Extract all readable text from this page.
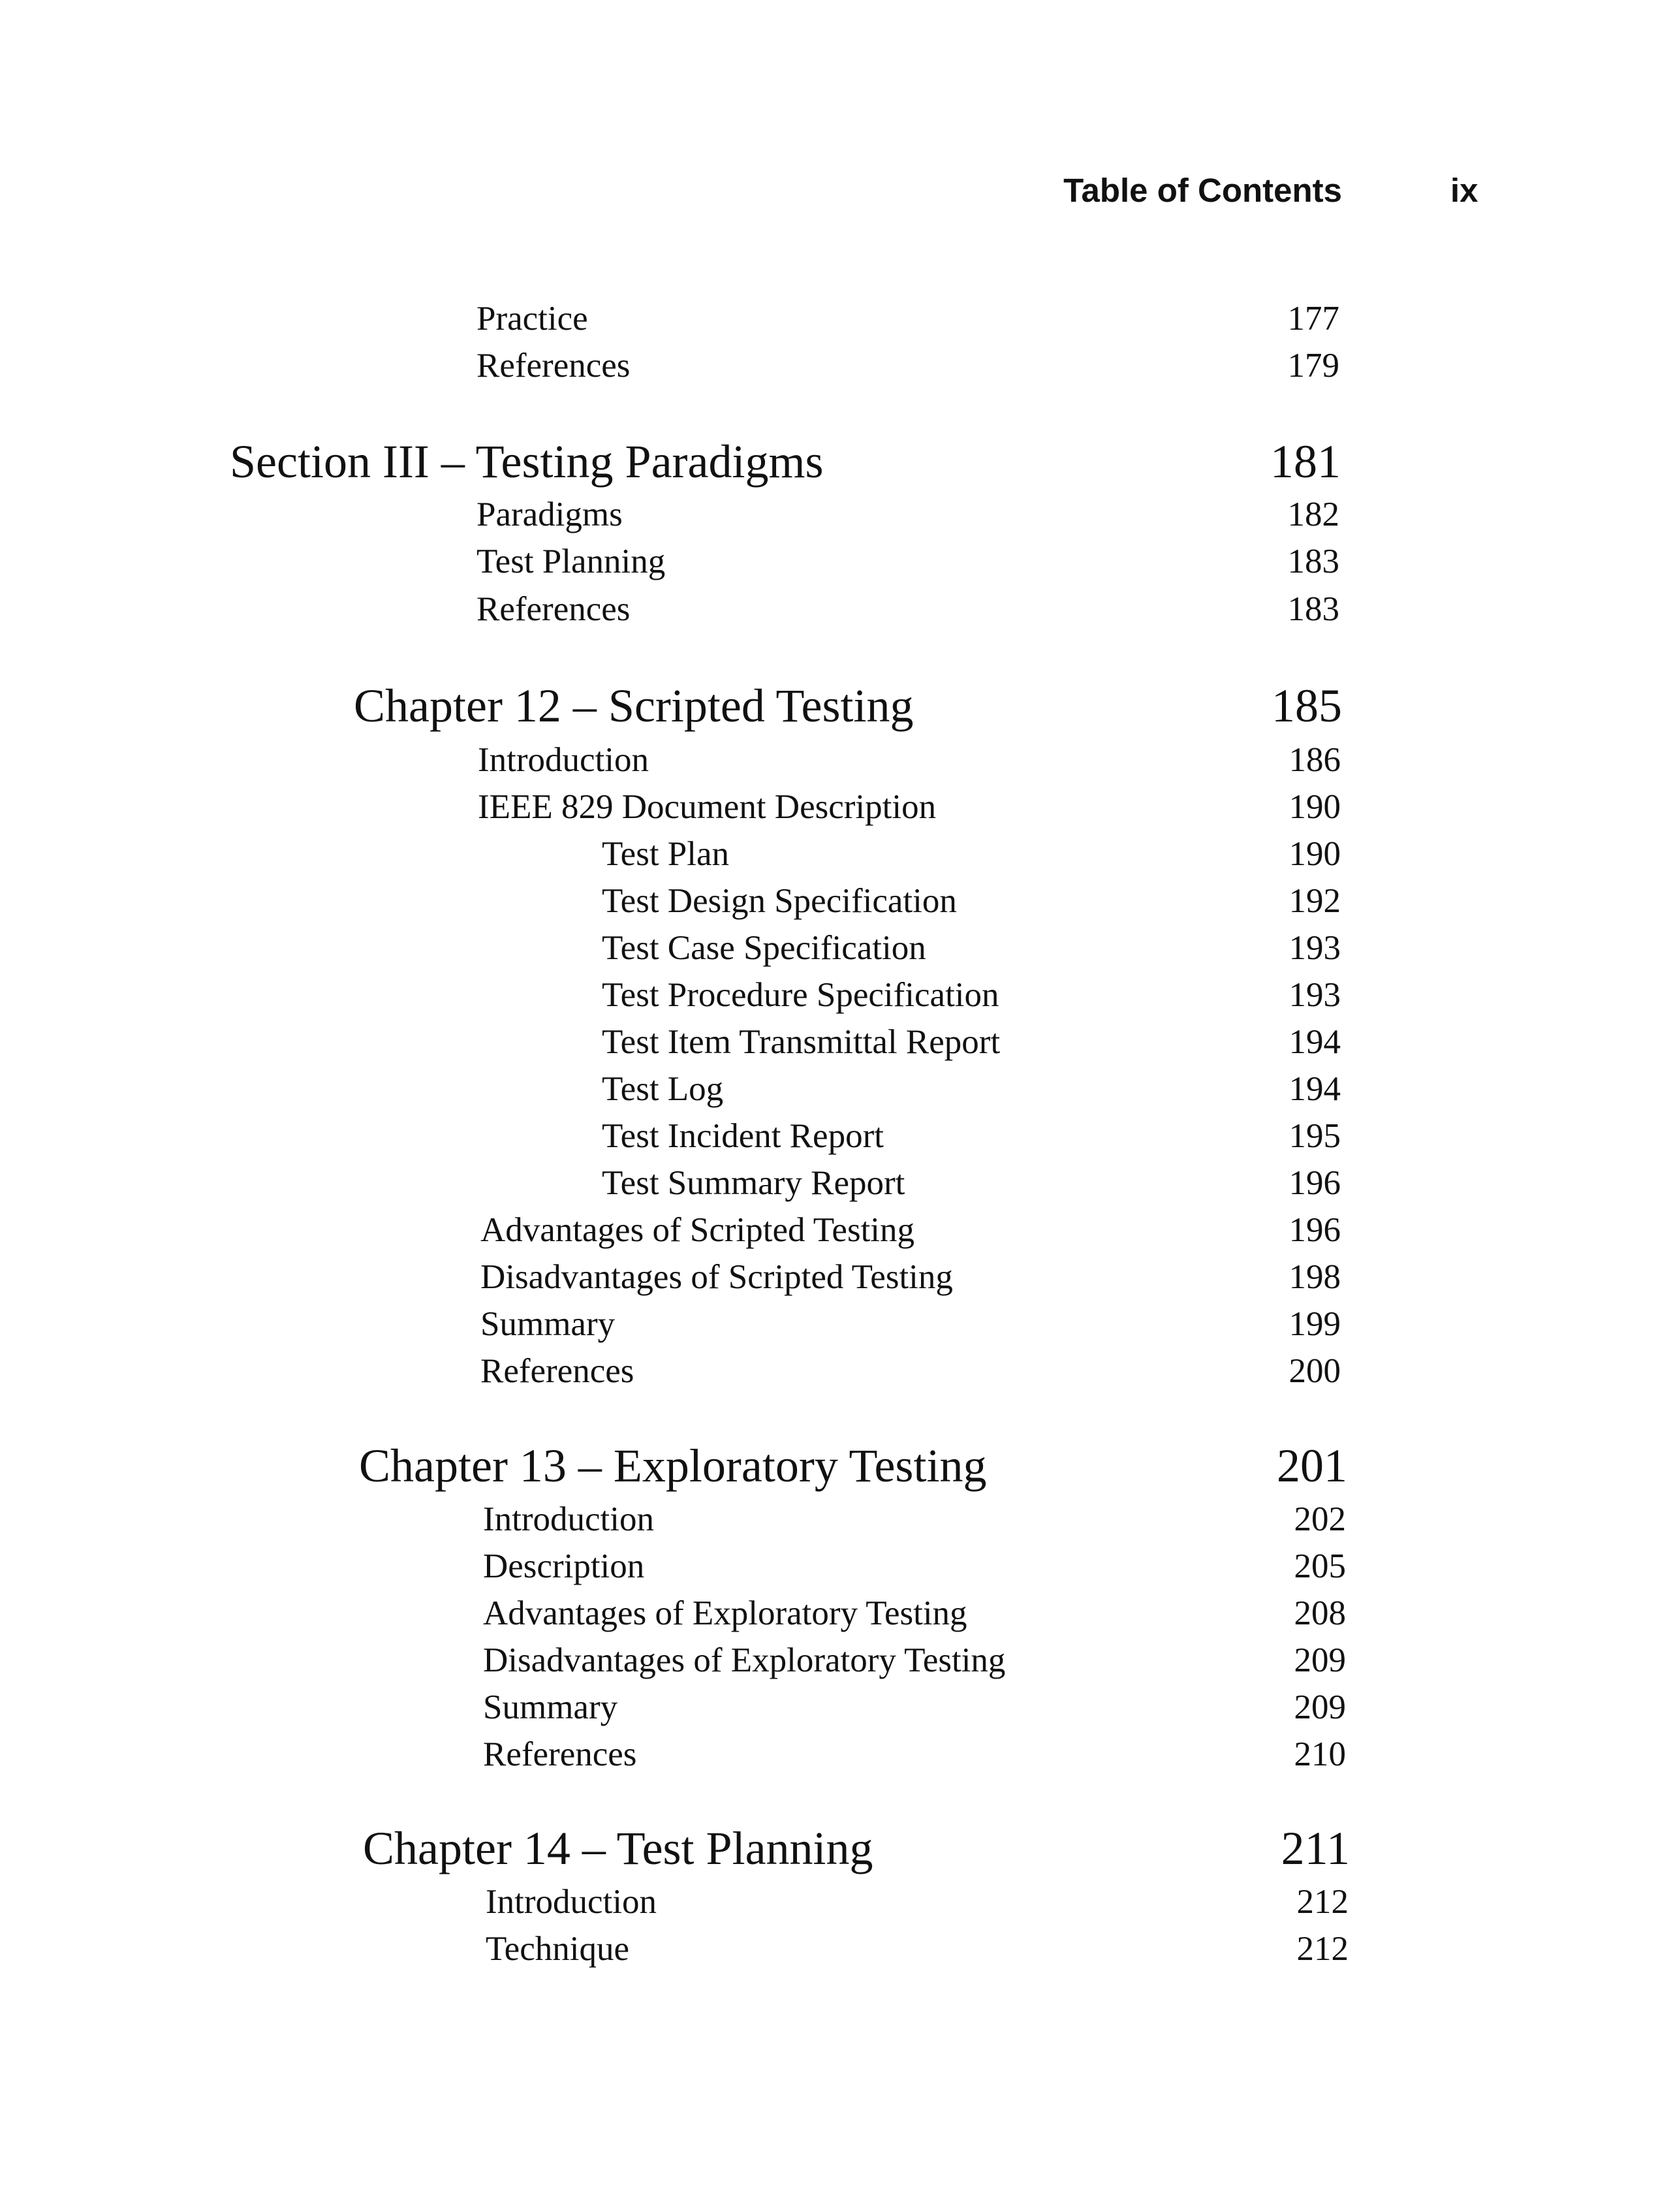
Table of Contents	ix
Practice	177
References	179
Section III – Testing Paradigms	181
Paradigms	182
Test Planning	183
References	183
Chapter 12 – Scripted Testing	185
Introduction	186
IEEE 829 Document Description	190
Test Plan	190
Test Design Specification	192
Test Case Specification	193
Test Procedure Specification	193
Test Item Transmittal Report	194
Test Log	194
Test Incident Report	195
Test Summary Report	196
Advantages of Scripted Testing	196
Disadvantages of Scripted Testing	198
Summary	199
References	200
Chapter 13 – Exploratory Testing	201
Introduction	202
Description	205
Advantages of Exploratory Testing	208
Disadvantages of Exploratory Testing	209
Summary	209
References	210
Chapter 14 – Test Planning	211
Introduction	212
Technique	212
